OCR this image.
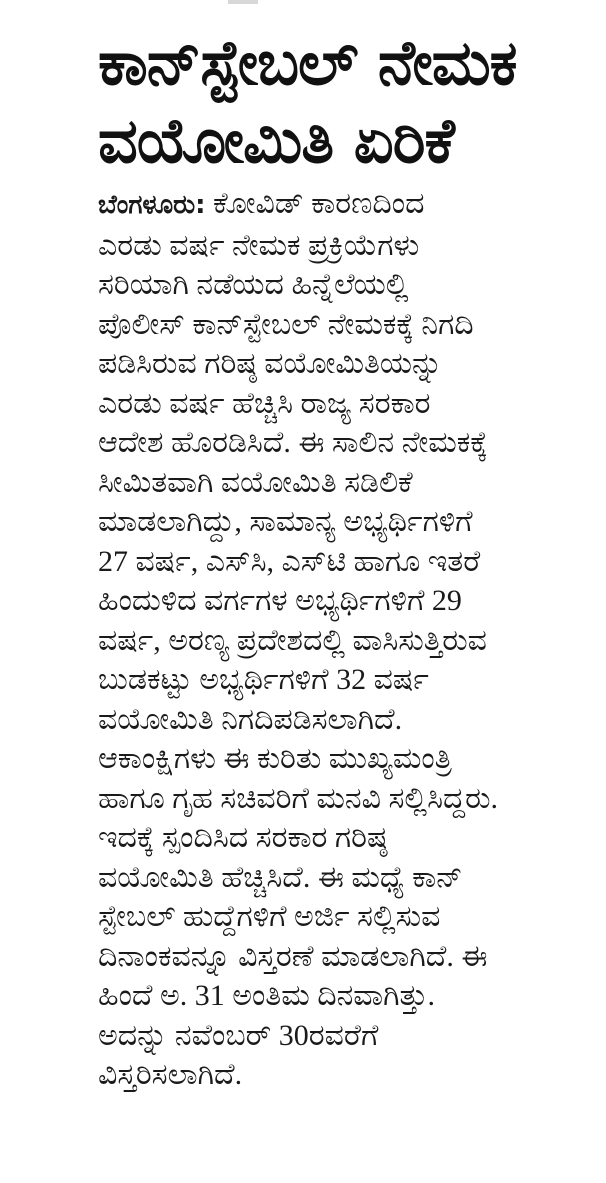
ಕಾನ್‌ಸ್ಟೇಬಲ್ ನೇಮಕ
ವಯೋಮಿತಿ ಏರಿಕೆ

ಬೆಂಗಳೂರು: ಕೋವಿಡ್ ಕಾರಣದಿಂದ
ಎರಡು ವರ್ಷ ನೇಮಕ ಪ್ರಕ್ರಿಯೆಗಳು
ಸರಿಯಾಗಿ ನಡೆಯದ ಹಿನ್ನೆಲೆಯಲ್ಲಿ
ಪೊಲೀಸ್ ಕಾನ್‌ಸ್ಟೇಬಲ್ ನೇಮಕಕ್ಕೆ ನಿಗದಿ
ಪಡಿಸಿರುವ ಗರಿಷ್ಠ ವಯೋಮಿತಿಯನ್ನು
ಎರಡು ವರ್ಷ ಹೆಚ್ಚಿಸಿ ರಾಜ್ಯ ಸರಕಾರ
ಆದೇಶ ಹೊರಡಿಸಿದೆ. ಈ ಸಾಲಿನ ನೇಮಕಕ್ಕೆ
ಸೀಮಿತವಾಗಿ ವಯೋಮಿತಿ ಸಡಿಲಿಕೆ
ಮಾಡಲಾಗಿದ್ದು, ಸಾಮಾನ್ಯ ಅಭ್ಯರ್ಥಿಗಳಿಗೆ
27 ವರ್ಷ, ಎಸ್‌ಸಿ, ಎಸ್‌ಟಿ ಹಾಗೂ ಇತರೆ
ಹಿಂದುಳಿದ ವರ್ಗಗಳ ಅಭ್ಯರ್ಥಿಗಳಿಗೆ 29
ವರ್ಷ, ಅರಣ್ಯ ಪ್ರದೇಶದಲ್ಲಿ ವಾಸಿಸುತ್ತಿರುವ
ಬುಡಕಟ್ಟು ಅಭ್ಯರ್ಥಿಗಳಿಗೆ 32 ವರ್ಷ
ವಯೋಮಿತಿ ನಿಗದಿಪಡಿಸಲಾಗಿದೆ.
ಆಕಾಂಕ್ಷಿಗಳು ಈ ಕುರಿತು ಮುಖ್ಯಮಂತ್ರಿ
ಹಾಗೂ ಗೃಹ ಸಚಿವರಿಗೆ ಮನವಿ ಸಲ್ಲಿಸಿದ್ದರು.
ಇದಕ್ಕೆ ಸ್ಪಂದಿಸಿದ ಸರಕಾರ ಗರಿಷ್ಠ
ವಯೋಮಿತಿ ಹೆಚ್ಚಿಸಿದೆ. ಈ ಮಧ್ಯೆ ಕಾನ್
ಸ್ಟೇಬಲ್ ಹುದ್ದೆಗಳಿಗೆ ಅರ್ಜಿ ಸಲ್ಲಿಸುವ
ದಿನಾಂಕವನ್ನೂ ವಿಸ್ತರಣೆ ಮಾಡಲಾಗಿದೆ. ಈ
ಹಿಂದೆ ಅ. 31 ಅಂತಿಮ ದಿನವಾಗಿತ್ತು.
ಅದನ್ನು ನವೆಂಬರ್ 30ರವರೆಗೆ
ವಿಸ್ತರಿಸಲಾಗಿದೆ.
